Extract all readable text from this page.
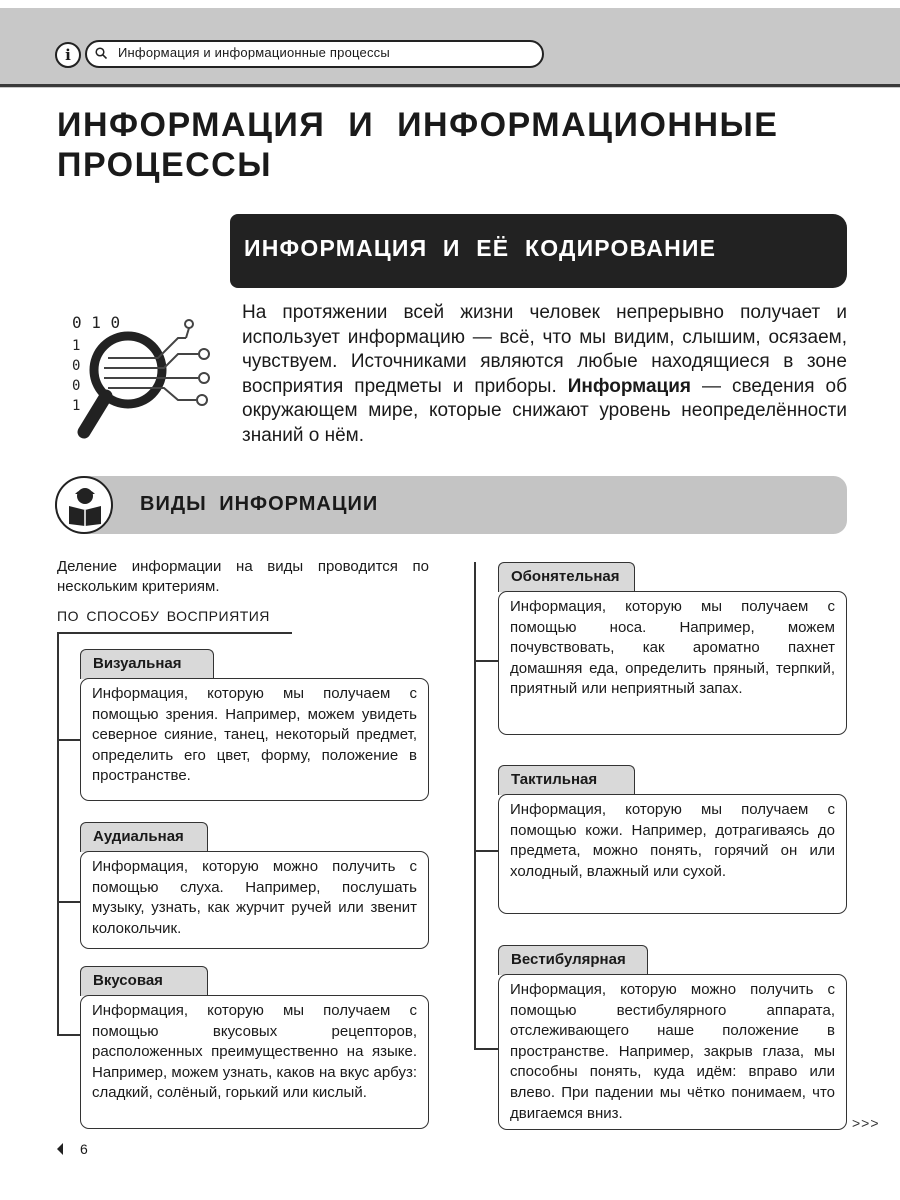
i	Информация и информационные процессы
ИНФОРМАЦИЯ И ИНФОРМАЦИОННЫЕ ПРОЦЕССЫ
ИНФОРМАЦИЯ И ЕЁ КОДИРОВАНИЕ
0 1 0
1
0
0
1
На протяжении всей жизни человек непрерывно получает и использует информацию — всё, что мы видим, слышим, осязаем, чувствуем. Источниками являются любые находящиеся в зоне восприятия предметы и приборы. Информация — сведения об окружающем мире, которые снижают уровень неопределённости знаний о нём.
ВИДЫ ИНФОРМАЦИИ
Деление информации на виды проводится по нескольким критериям.
ПО СПОСОБУ ВОСПРИЯТИЯ
Визуальная
Информация, которую мы получаем с помощью зрения. Например, можем увидеть северное сияние, танец, некоторый предмет, определить его цвет, форму, положение в пространстве.
Аудиальная
Информация, которую можно получить с помощью слуха. Например, послушать музыку, узнать, как журчит ручей или звенит колокольчик.
Вкусовая
Информация, которую мы получаем с помощью вкусовых рецепторов, расположенных преимущественно на языке. Например, можем узнать, каков на вкус арбуз: сладкий, солёный, горький или кислый.
Обонятельная
Информация, которую мы получаем с помощью носа. Например, можем почувствовать, как ароматно пахнет домашняя еда, определить пряный, терпкий, приятный или неприятный запах.
Тактильная
Информация, которую мы получаем с помощью кожи. Например, дотрагиваясь до предмета, можно понять, горячий он или холодный, влажный или сухой.
Вестибулярная
Информация, которую можно получить с помощью вестибулярного аппарата, отслеживающего наше положение в пространстве. Например, закрыв глаза, мы способны понять, куда идём: вправо или влево. При падении мы чётко понимаем, что двигаемся вниз.
6
>>>
